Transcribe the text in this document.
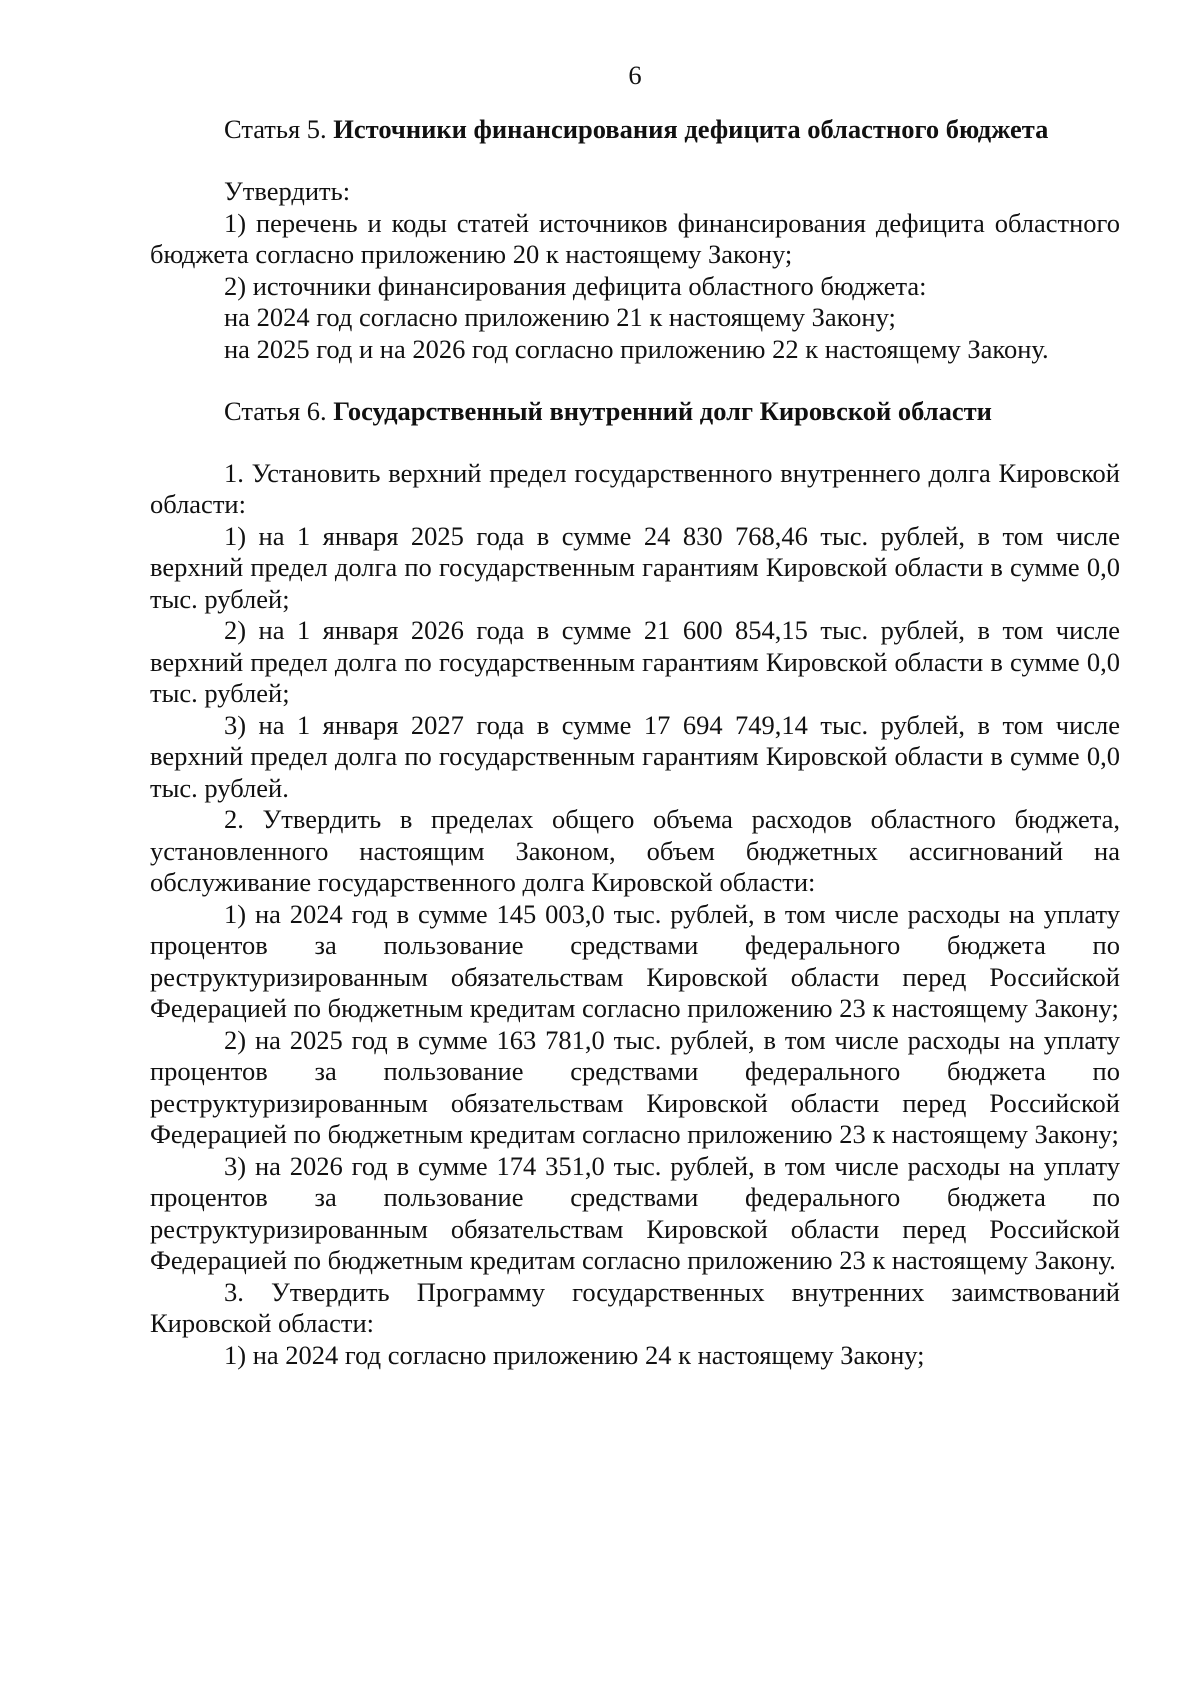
6

Статья 5. Источники финансирования дефицита областного бюджета

Утвердить:

1) перечень и коды статей источников финансирования дефицита областного бюджета согласно приложению 20 к настоящему Закону;

2) источники финансирования дефицита областного бюджета:

на 2024 год согласно приложению 21 к настоящему Закону;

на 2025 год и на 2026 год согласно приложению 22 к настоящему Закону.

Статья 6. Государственный внутренний долг Кировской области

1. Установить верхний предел государственного внутреннего долга Кировской области:

1) на 1 января 2025 года в сумме 24 830 768,46 тыс. рублей, в том числе верхний предел долга по государственным гарантиям Кировской области в сумме 0,0 тыс. рублей;

2) на 1 января 2026 года в сумме 21 600 854,15 тыс. рублей, в том числе верхний предел долга по государственным гарантиям Кировской области в сумме 0,0 тыс. рублей;

3) на 1 января 2027 года в сумме 17 694 749,14 тыс. рублей, в том числе верхний предел долга по государственным гарантиям Кировской области в сумме 0,0 тыс. рублей.

2. Утвердить в пределах общего объема расходов областного бюджета, установленного настоящим Законом, объем бюджетных ассигнований на обслуживание государственного долга Кировской области:

1) на 2024 год в сумме 145 003,0 тыс. рублей, в том числе расходы на уплату процентов за пользование средствами федерального бюджета по реструктуризированным обязательствам Кировской области перед Российской Федерацией по бюджетным кредитам согласно приложению 23 к настоящему Закону;

2) на 2025 год в сумме 163 781,0 тыс. рублей, в том числе расходы на уплату процентов за пользование средствами федерального бюджета по реструктуризированным обязательствам Кировской области перед Российской Федерацией по бюджетным кредитам согласно приложению 23 к настоящему Закону;

3) на 2026 год в сумме 174 351,0 тыс. рублей, в том числе расходы на уплату процентов за пользование средствами федерального бюджета по реструктуризированным обязательствам Кировской области перед Российской Федерацией по бюджетным кредитам согласно приложению 23 к настоящему Закону.

3. Утвердить Программу государственных внутренних заимствований Кировской области:

1) на 2024 год согласно приложению 24 к настоящему Закону;
